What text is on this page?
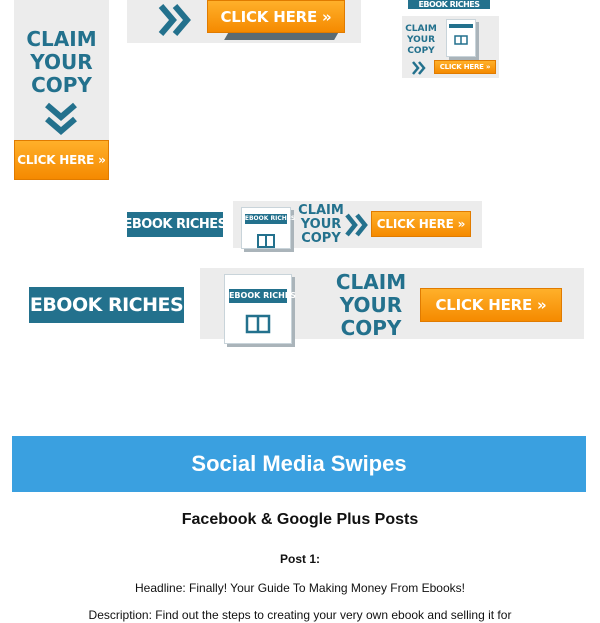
CLAIM
YOUR
COPY
CLICK HERE »
CLICK HERE »
EBOOK RICHES
CLAIM
YOUR
COPY
CLICK HERE »
EBOOK RICHES	EBOOK RICHES
CLAIM
YOUR
COPY
CLICK HERE »
EBOOK RICHES	EBOOK RICHES
CLAIM
YOUR
COPY
CLICK HERE »
Social Media Swipes
Facebook & Google Plus Posts
Post 1:
Headline: Finally! Your Guide To Making Money From Ebooks!
Description: Find out the steps to creating your very own ebook and selling it for
